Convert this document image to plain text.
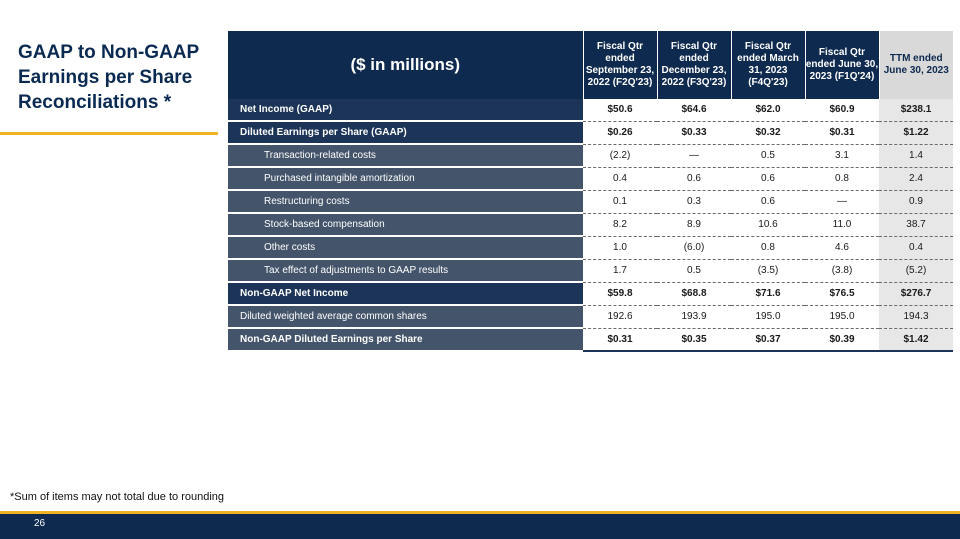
GAAP to Non-GAAP Earnings per Share Reconciliations *
($ in millions)	Fiscal Qtr ended September 23, 2022 (F2Q'23)	Fiscal Qtr ended December 23, 2022 (F3Q'23)	Fiscal Qtr ended March 31, 2023 (F4Q'23)	Fiscal Qtr ended June 30, 2023 (F1Q'24)	TTM ended June 30, 2023
Net Income (GAAP)	$50.6	$64.6	$62.0	$60.9	$238.1
Diluted Earnings per Share (GAAP)	$0.26	$0.33	$0.32	$0.31	$1.22
Transaction-related costs	(2.2)	—	0.5	3.1	1.4
Purchased intangible amortization	0.4	0.6	0.6	0.8	2.4
Restructuring costs	0.1	0.3	0.6	—	0.9
Stock-based compensation	8.2	8.9	10.6	11.0	38.7
Other costs	1.0	(6.0)	0.8	4.6	0.4
Tax effect of adjustments to GAAP results	1.7	0.5	(3.5)	(3.8)	(5.2)
Non-GAAP Net Income	$59.8	$68.8	$71.6	$76.5	$276.7
Diluted weighted average common shares	192.6	193.9	195.0	195.0	194.3
Non-GAAP Diluted Earnings per Share	$0.31	$0.35	$0.37	$0.39	$1.42
*Sum of items may not total due to rounding
26
